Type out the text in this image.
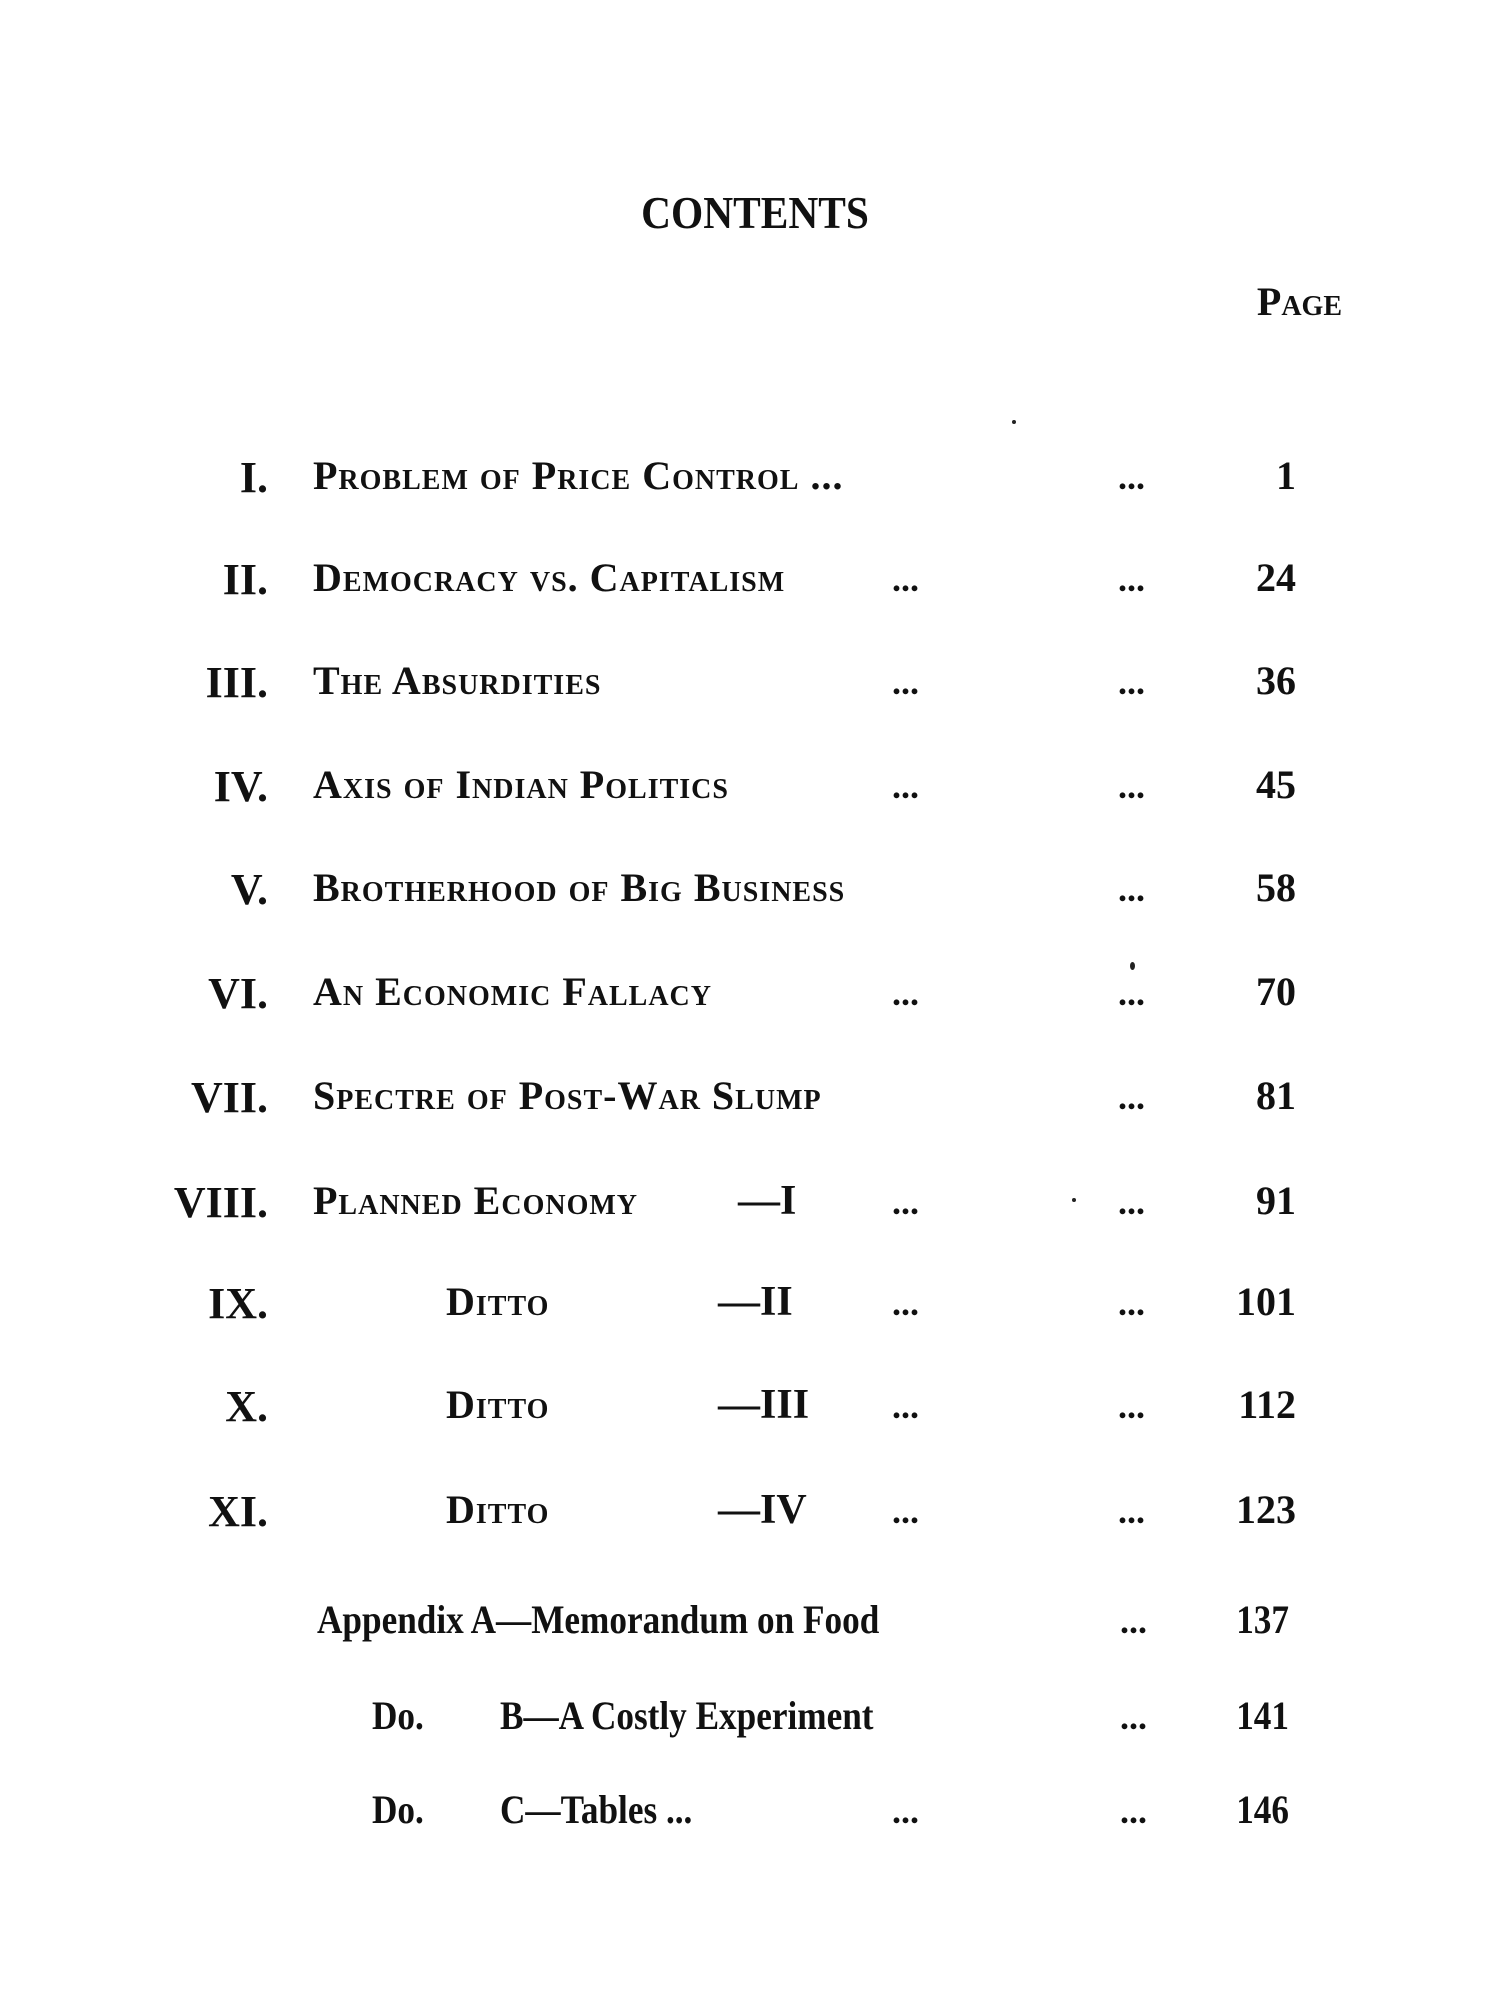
CONTENTS
Page
I. Problem of Price Control ...	...	1
II. Democracy vs. Capitalism	...	...	24
III. The Absurdities	...	...	36
IV. Axis of Indian Politics	...	...	45
V. Brotherhood of Big Business	...	58
VI. An Economic Fallacy	...	...	70
VII. Spectre of Post-War Slump	...	81
VIII. Planned Economy —I	...	...	91
IX.	Ditto	—II	...	... 101
X.	Ditto	—III ...	... 112
XI.	Ditto	—IV ...	... 123
Appendix A—Memorandum on Food	... 137
Do. B—A Costly Experiment	... 141
Do. C—Tables ...	...	... 146
